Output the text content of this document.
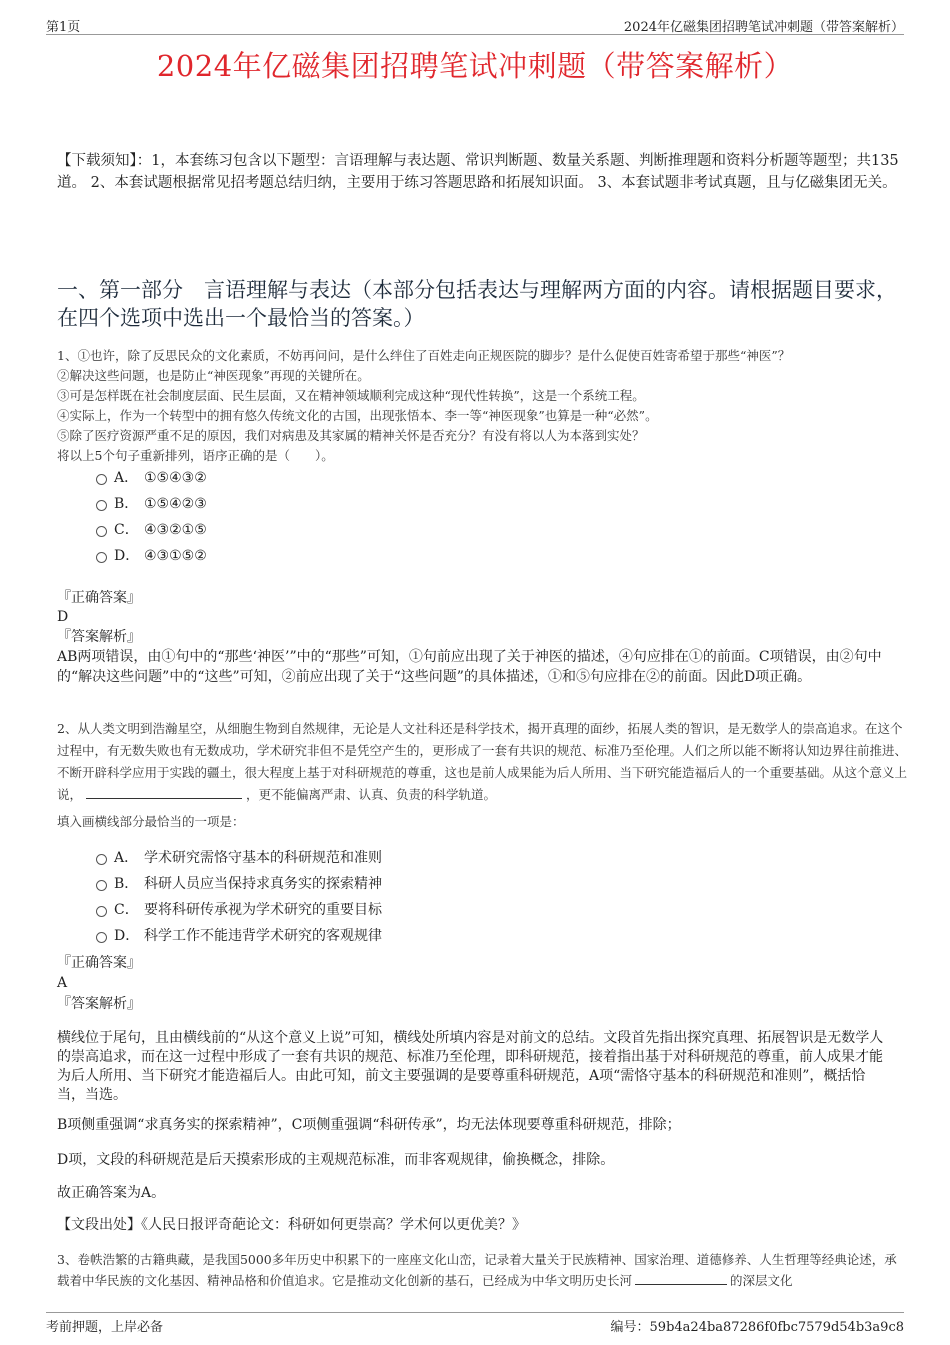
第1页	2024年亿磁集团招聘笔试冲刺题（带答案解析）
2024年亿磁集团招聘笔试冲刺题（带答案解析）
【下载须知】：1，本套练习包含以下题型：言语理解与表达题、常识判断题、数量关系题、判断推理题和资料分析题等题型；共135道。 2、本套试题根据常见招考题总结归纳，主要用于练习答题思路和拓展知识面。 3、本套试题非考试真题，且与亿磁集团无关。
一、第一部分　言语理解与表达（本部分包括表达与理解两方面的内容。请根据题目要求，在四个选项中选出一个最恰当的答案。）
1、①也许，除了反思民众的文化素质，不妨再问问，是什么绊住了百姓走向正规医院的脚步？是什么促使百姓寄希望于那些“神医”？
②解决这些问题，也是防止“神医现象”再现的关键所在。
③可是怎样既在社会制度层面、民生层面，又在精神领域顺利完成这种“现代性转换”，这是一个系统工程。
④实际上，作为一个转型中的拥有悠久传统文化的古国，出现张悟本、李一等“神医现象”也算是一种“必然”。
⑤除了医疗资源严重不足的原因，我们对病患及其家属的精神关怀是否充分？有没有将以人为本落到实处？
将以上5个句子重新排列，语序正确的是（　　）。
A． ①⑤④③②
B． ①⑤④②③
C． ④③②①⑤
D． ④③①⑤②
『正确答案』
D
『答案解析』
AB两项错误，由①句中的“那些‘神医’”中的“那些”可知，①句前应出现了关于神医的描述，④句应排在①的前面。C项错误，由②句中的“解决这些问题”中的“这些”可知，②前应出现了关于“这些问题”的具体描述，①和⑤句应排在②的前面。因此D项正确。
2、从人类文明到浩瀚星空，从细胞生物到自然规律，无论是人文社科还是科学技术，揭开真理的面纱，拓展人类的智识，是无数学人的崇高追求。在这个过程中，有无数失败也有无数成功，学术研究非但不是凭空产生的，更形成了一套有共识的规范、标准乃至伦理。人们之所以能不断将认知边界往前推进、不断开辟科学应用于实践的疆土，很大程度上基于对科研规范的尊重，这也是前人成果能为后人所用、当下研究能造福后人的一个重要基础。从这个意义上说，	，更不能偏离严肃、认真、负责的科学轨道。
填入画横线部分最恰当的一项是：
A． 学术研究需恪守基本的科研规范和准则
B． 科研人员应当保持求真务实的探索精神
C． 要将科研传承视为学术研究的重要目标
D． 科学工作不能违背学术研究的客观规律
『正确答案』
A
『答案解析』
横线位于尾句，且由横线前的“从这个意义上说”可知，横线处所填内容是对前文的总结。文段首先指出探究真理、拓展智识是无数学人的崇高追求，而在这一过程中形成了一套有共识的规范、标准乃至伦理，即科研规范，接着指出基于对科研规范的尊重，前人成果才能为后人所用、当下研究才能造福后人。由此可知，前文主要强调的是要尊重科研规范，A项“需恪守基本的科研规范和准则”，概括恰当，当选。
B项侧重强调“求真务实的探索精神”，C项侧重强调“科研传承”，均无法体现要尊重科研规范，排除；
D项，文段的科研规范是后天摸索形成的主观规范标准，而非客观规律，偷换概念，排除。
故正确答案为A。
【文段出处】《人民日报评奇葩论文：科研如何更崇高？学术何以更优美？》
3、卷帙浩繁的古籍典藏，是我国5000多年历史中积累下的一座座文化山峦，记录着大量关于民族精神、国家治理、道德修养、人生哲理等经典论述，承载着中华民族的文化基因、精神品格和价值追求。它是推动文化创新的基石，已经成为中华文明历史长河	的深层文化
考前押题，上岸必备	编号：59b4a24ba87286f0fbc7579d54b3a9c8
